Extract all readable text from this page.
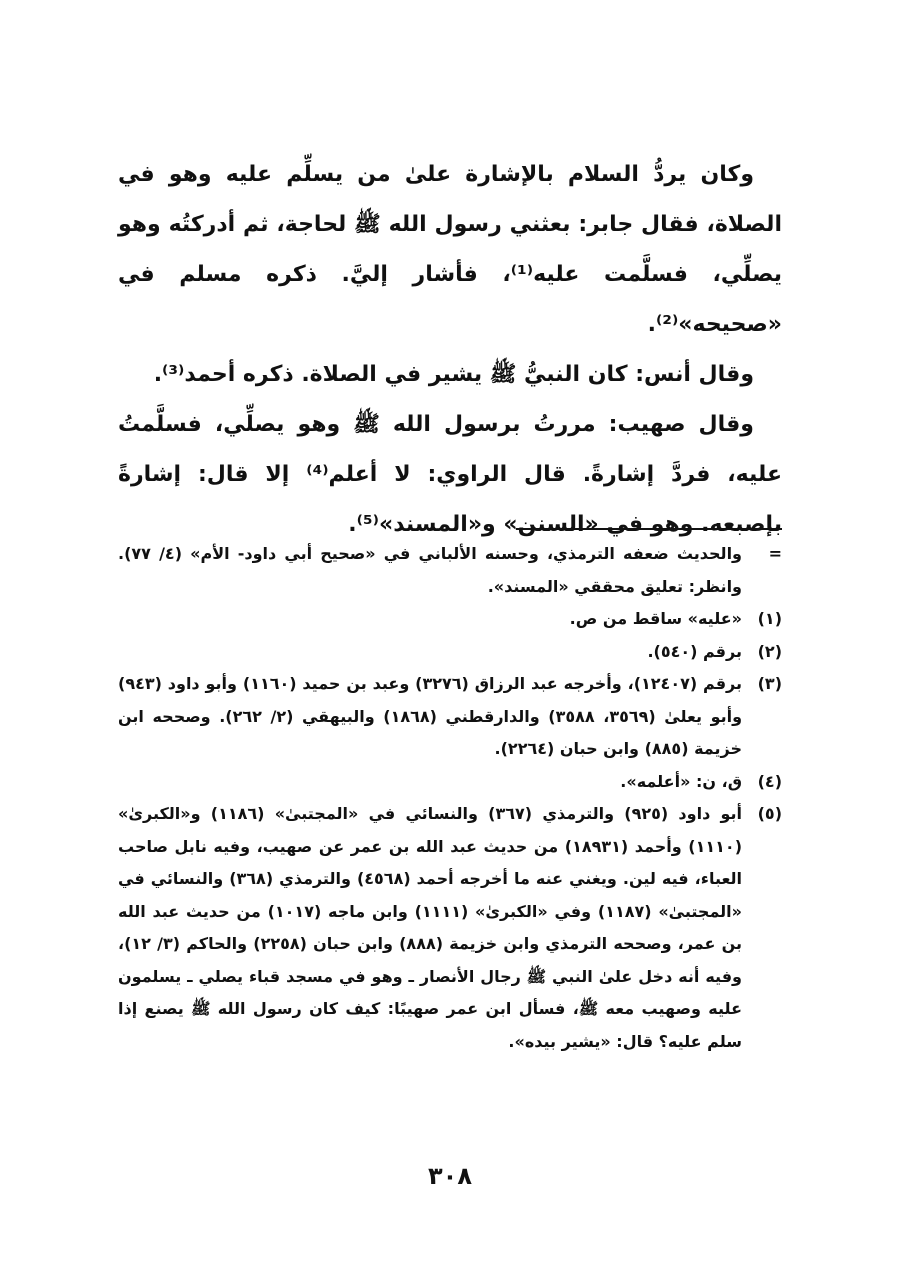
وكان يردُّ السلام بالإشارة علىٰ من يسلِّم عليه وهو في الصلاة، فقال جابر: بعثني رسول الله ﷺ لحاجة، ثم أدركتُه وهو يصلِّي، فسلَّمت عليه⁽¹⁾، فأشار إليَّ. ذكره مسلم في «صحيحه»⁽²⁾.

وقال أنس: كان النبيُّ ﷺ يشير في الصلاة. ذكره أحمد⁽³⁾.

وقال صهيب: مررتُ برسول الله ﷺ وهو يصلِّي، فسلَّمتُ عليه، فردَّ إشارةً. قال الراوي: لا أعلم⁽⁴⁾ إلا قال: إشارةً بإصبعه. وهو في «السنن» و«المسند»⁽⁵⁾.

=
والحديث ضعفه الترمذي، وحسنه الألباني في «صحيح أبي داود- الأم» (٤/ ٧٧). وانظر: تعليق محققي «المسند».
(١)
«عليه» ساقط من ص.
(٢)
برقم (٥٤٠).
(٣)
برقم (١٢٤٠٧)، وأخرجه عبد الرزاق (٣٢٧٦) وعبد بن حميد (١١٦٠) وأبو داود (٩٤٣) وأبو يعلىٰ (٣٥٦٩، ٣٥٨٨) والدارقطني (١٨٦٨) والبيهقي (٢/ ٢٦٢). وصححه ابن خزيمة (٨٨٥) وابن حبان (٢٢٦٤).
(٤)
ق، ن: «أعلمه».
(٥)
أبو داود (٩٢٥) والترمذي (٣٦٧) والنسائي في «المجتبىٰ» (١١٨٦) و«الكبرىٰ» (١١١٠) وأحمد (١٨٩٣١) من حديث عبد الله بن عمر عن صهيب، وفيه نابل صاحب العباء، فيه لين. ويغني عنه ما أخرجه أحمد (٤٥٦٨) والترمذي (٣٦٨) والنسائي في «المجتبىٰ» (١١٨٧) وفي «الكبرىٰ» (١١١١) وابن ماجه (١٠١٧) من حديث عبد الله بن عمر، وصححه الترمذي وابن خزيمة (٨٨٨) وابن حبان (٢٢٥٨) والحاكم (٣/ ١٢)، وفيه أنه دخل علىٰ النبي ﷺ رجال الأنصار ـ وهو في مسجد قباء يصلي ـ يسلمون عليه وصهيب معه ﷺ، فسأل ابن عمر صهيبًا: كيف كان رسول الله ﷺ يصنع إذا سلم عليه؟ قال: «يشير بيده».
٣٠٨
